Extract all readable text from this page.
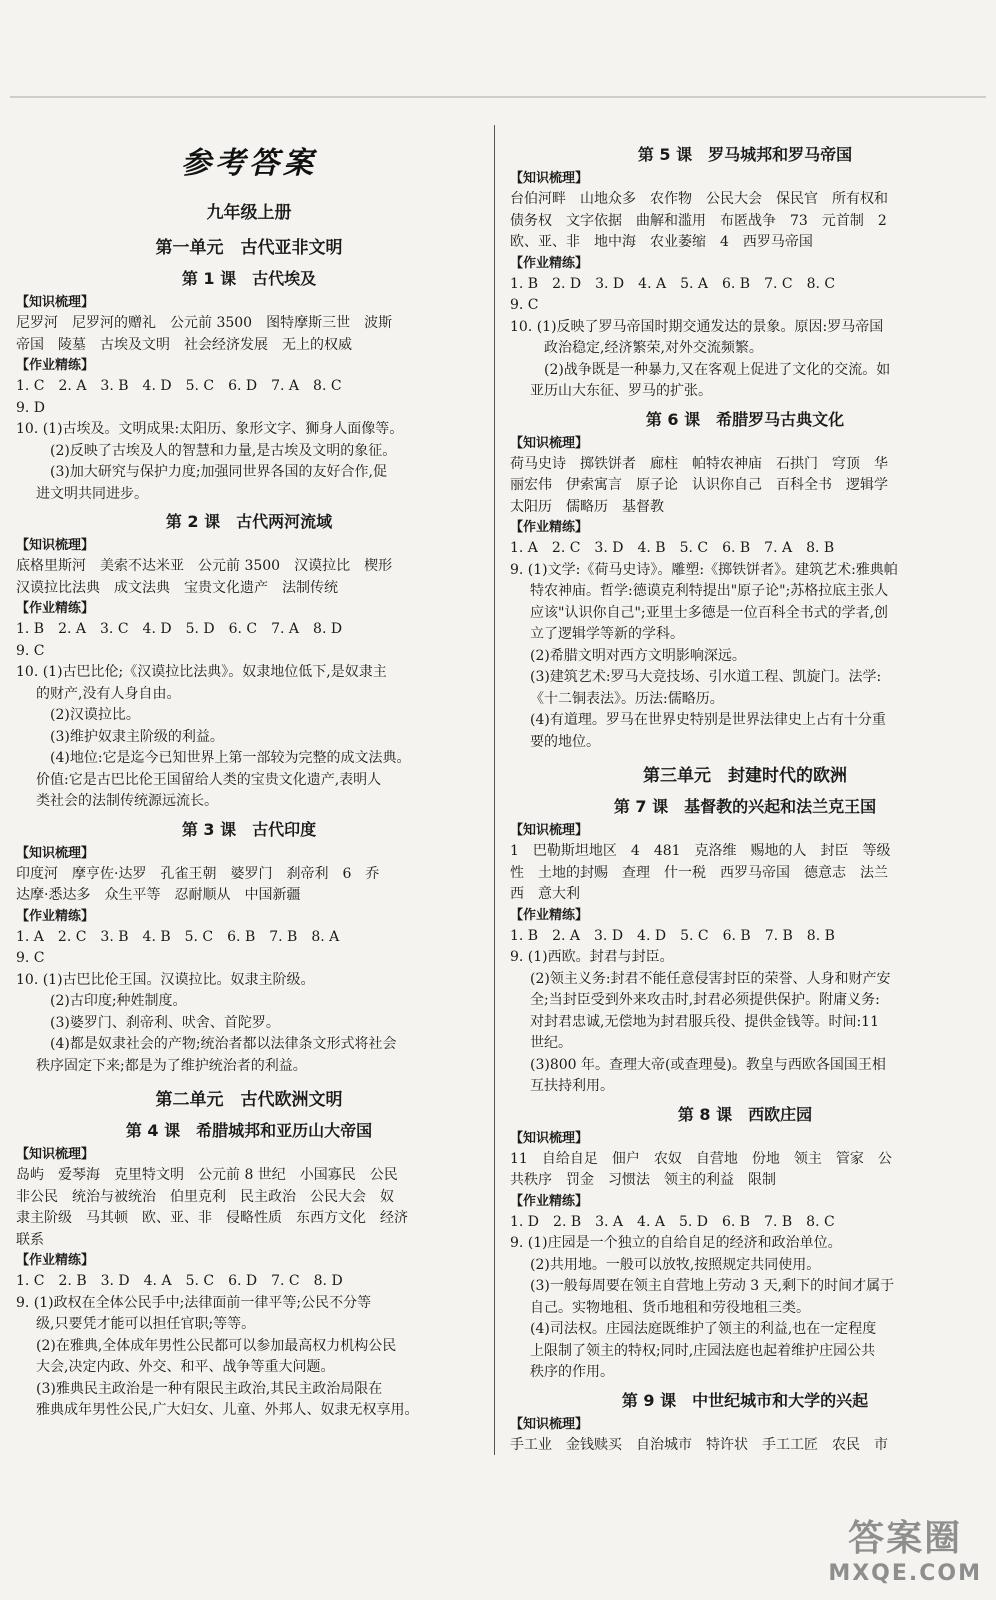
参考答案
九年级上册
第一单元　古代亚非文明
第 1 课　古代埃及
【知识梳理】
尼罗河　尼罗河的赠礼　公元前 3500　图特摩斯三世　波斯
帝国　陵墓　古埃及文明　社会经济发展　无上的权威
【作业精练】
1. C　2. A　3. B　4. D　5. C　6. D　7. A　8. C
9. D
10. (1)古埃及。文明成果:太阳历、象形文字、狮身人面像等。
(2)反映了古埃及人的智慧和力量,是古埃及文明的象征。
(3)加大研究与保护力度;加强同世界各国的友好合作,促
进文明共同进步。
第 2 课　古代两河流域
【知识梳理】
底格里斯河　美索不达米亚　公元前 3500　汉谟拉比　楔形
汉谟拉比法典　成文法典　宝贵文化遗产　法制传统
【作业精练】
1. B　2. A　3. C　4. D　5. D　6. C　7. A　8. D
9. C
10. (1)古巴比伦;《汉谟拉比法典》。奴隶地位低下,是奴隶主
的财产,没有人身自由。
(2)汉谟拉比。
(3)维护奴隶主阶级的利益。
(4)地位:它是迄今已知世界上第一部较为完整的成文法典。
价值:它是古巴比伦王国留给人类的宝贵文化遗产,表明人
类社会的法制传统源远流长。
第 3 课　古代印度
【知识梳理】
印度河　摩亨佐·达罗　孔雀王朝　婆罗门　刹帝利　6　乔
达摩·悉达多　众生平等　忍耐顺从　中国新疆
【作业精练】
1. A　2. C　3. B　4. B　5. C　6. B　7. B　8. A
9. C
10. (1)古巴比伦王国。汉谟拉比。奴隶主阶级。
(2)古印度;种姓制度。
(3)婆罗门、刹帝利、吠舍、首陀罗。
(4)都是奴隶社会的产物;统治者都以法律条文形式将社会
秩序固定下来;都是为了维护统治者的利益。
第二单元　古代欧洲文明
第 4 课　希腊城邦和亚历山大帝国
【知识梳理】
岛屿　爱琴海　克里特文明　公元前 8 世纪　小国寡民　公民
非公民　统治与被统治　伯里克利　民主政治　公民大会　奴
隶主阶级　马其顿　欧、亚、非　侵略性质　东西方文化　经济
联系
【作业精练】
1. C　2. B　3. D　4. A　5. C　6. D　7. C　8. D
9. (1)政权在全体公民手中;法律面前一律平等;公民不分等
级,只要凭才能可以担任官职;等等。
(2)在雅典,全体成年男性公民都可以参加最高权力机构公民
大会,决定内政、外交、和平、战争等重大问题。
(3)雅典民主政治是一种有限民主政治,其民主政治局限在
雅典成年男性公民,广大妇女、儿童、外邦人、奴隶无权享用。
第 5 课　罗马城邦和罗马帝国
【知识梳理】
台伯河畔　山地众多　农作物　公民大会　保民官　所有权和
债务权　文字依据　曲解和滥用　布匿战争　73　元首制　2
欧、亚、非　地中海　农业萎缩　4　西罗马帝国
【作业精练】
1. B　2. D　3. D　4. A　5. A　6. B　7. C　8. C
9. C
10. (1)反映了罗马帝国时期交通发达的景象。原因:罗马帝国
政治稳定,经济繁荣,对外交流频繁。
(2)战争既是一种暴力,又在客观上促进了文化的交流。如
亚历山大东征、罗马的扩张。
第 6 课　希腊罗马古典文化
【知识梳理】
荷马史诗　掷铁饼者　廊柱　帕特农神庙　石拱门　穹顶　华
丽宏伟　伊索寓言　原子论　认识你自己　百科全书　逻辑学
太阳历　儒略历　基督教
【作业精练】
1. A　2. C　3. D　4. B　5. C　6. B　7. A　8. B
9. (1)文学:《荷马史诗》。雕塑:《掷铁饼者》。建筑艺术:雅典帕
特农神庙。哲学:德谟克利特提出"原子论";苏格拉底主张人
应该"认识你自己";亚里士多德是一位百科全书式的学者,创
立了逻辑学等新的学科。
(2)希腊文明对西方文明影响深远。
(3)建筑艺术:罗马大竞技场、引水道工程、凯旋门。法学:
《十二铜表法》。历法:儒略历。
(4)有道理。罗马在世界史特别是世界法律史上占有十分重
要的地位。
第三单元　封建时代的欧洲
第 7 课　基督教的兴起和法兰克王国
【知识梳理】
1　巴勒斯坦地区　4　481　克洛维　赐地的人　封臣　等级
性　土地的封赐　查理　什一税　西罗马帝国　德意志　法兰
西　意大利
【作业精练】
1. B　2. A　3. D　4. D　5. C　6. B　7. B　8. B
9. (1)西欧。封君与封臣。
(2)领主义务:封君不能任意侵害封臣的荣誉、人身和财产安
全;当封臣受到外来攻击时,封君必须提供保护。附庸义务:
对封君忠诚,无偿地为封君服兵役、提供金钱等。时间:11
世纪。
(3)800 年。查理大帝(或查理曼)。教皇与西欧各国国王相
互扶持利用。
第 8 课　西欧庄园
【知识梳理】
11　自给自足　佃户　农奴　自营地　份地　领主　管家　公
共秩序　罚金　习惯法　领主的利益　限制
【作业精练】
1. D　2. B　3. A　4. A　5. D　6. B　7. B　8. C
9. (1)庄园是一个独立的自给自足的经济和政治单位。
(2)共用地。一般可以放牧,按照规定共同使用。
(3)一般每周要在领主自营地上劳动 3 天,剩下的时间才属于
自己。实物地租、货币地租和劳役地租三类。
(4)司法权。庄园法庭既维护了领主的利益,也在一定程度
上限制了领主的特权;同时,庄园法庭也起着维护庄园公共
秩序的作用。
第 9 课　中世纪城市和大学的兴起
【知识梳理】
手工业　金钱赎买　自治城市　特许状　手工工匠　农民　市
答案圈
MXQE.COM
